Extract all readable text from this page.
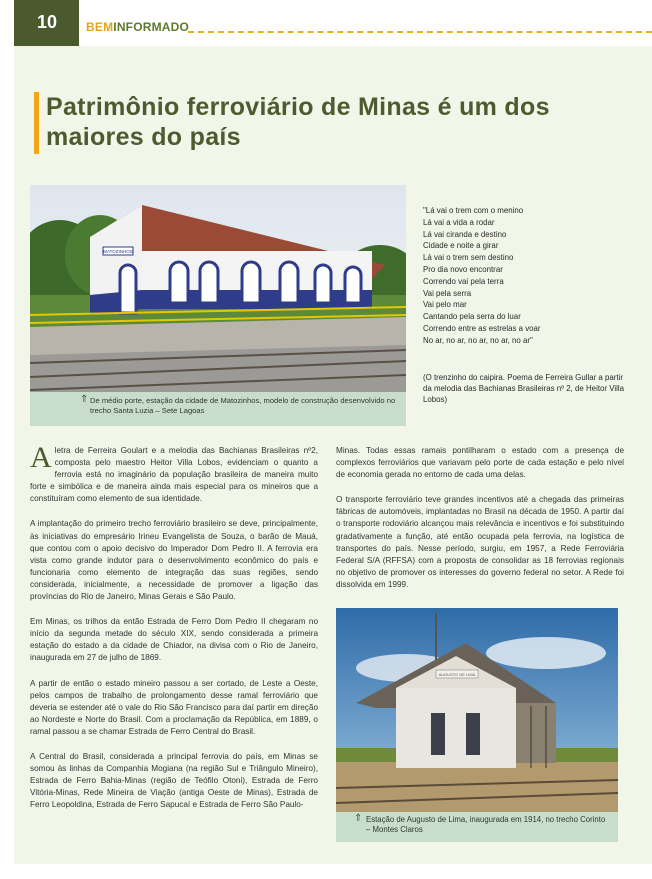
10 BEMINFORMADO
Patrimônio ferroviário de Minas é um dos maiores do país
MATOZINHOS
⇑ De médio porte, estação da cidade de Matozinhos, modelo de construção desenvolvido no trecho Santa Luzia – Sete Lagoas
"Lá vai o trem com o menino
Lá vai a vida a rodar
Lá vai ciranda e destino
Cidade e noite a girar
Lá vai o trem sem destino
Pro dia novo encontrar
Correndo vai pela terra
Vai pela serra
Vai pelo mar
Cantando pela serra do luar
Correndo entre as estrelas a voar
No ar, no ar, no ar, no ar, no ar"
(O trenzinho do caipira. Poema de Ferreira Gullar a partir da melodia das Bachianas Brasileiras nº 2, de Heitor Villa Lobos)

Aletra de Ferreira Goulart e a melodia das Bachianas Brasileiras nº2, composta pelo maestro Heitor Villa Lobos, evidenciam o quanto a ferrovia está no imaginário da população brasileira de maneira muito forte e simbólica e de maneira ainda mais especial para os mineiros que a constituíram como elemento de sua identidade.

A implantação do primeiro trecho ferroviário brasileiro se deve, principalmente, às iniciativas do empresário Irineu Evangelista de Souza, o barão de Mauá, que contou com o apoio decisivo do Imperador Dom Pedro II. A ferrovia era vista como grande indutor para o desenvolvimento econômico do país e funcionaria como elemento de integração das suas regiões, sendo considerada, inicialmente, a necessidade de promover a ligação das províncias do Rio de Janeiro, Minas Gerais e São Paulo.

Em Minas, os trilhos da então Estrada de Ferro Dom Pedro II chegaram no início da segunda metade do século XIX, sendo considerada a primeira estação do estado a da cidade de Chiador, na divisa com o Rio de Janeiro, inaugurada em 27 de julho de 1869.

A partir de então o estado mineiro passou a ser cortado, de Leste a Oeste, pelos campos de trabalho de prolongamento desse ramal ferroviário que deveria se estender até o vale do Rio São Francisco para daí partir em direção ao Nordeste e Norte do Brasil. Com a proclamação da República, em 1889, o ramal passou a se chamar Estrada de Ferro Central do Brasil.

A Central do Brasil, considerada a principal ferrovia do país, em Minas se somou às linhas da Companhia Mogiana (na região Sul e Triângulo Mineiro), Estrada de Ferro Bahia-Minas (região de Teófilo Otoni), Estrada de Ferro Vitória-Minas, Rede Mineira de Viação (antiga Oeste de Minas), Estrada de Ferro Leopoldina, Estrada de Ferro Sapucaí e Estrada de Ferro São Paulo-

Minas. Todas essas ramais pontilharam o estado com a presença de complexos ferroviários que variavam pelo porte de cada estação e pelo nível de economia gerada no entorno de cada uma delas.

O transporte ferroviário teve grandes incentivos até a chegada das primeiras fábricas de automóveis, implantadas no Brasil na década de 1950. A partir daí o transporte rodoviário alcançou mais relevância e incentivos e foi substituindo gradativamente a função, até então ocupada pela ferrovia, na logística de transportes do país. Nesse período, surgiu, em 1957, a Rede Ferroviária Federal S/A (RFFSA) com a proposta de consolidar as 18 ferrovias regionais no objetivo de promover os interesses do governo federal no setor. A Rede foi dissolvida em 1999.

AUGUSTO DE LIMA
⇑ Estação de Augusto de Lima, inaugurada em 1914, no trecho Corinto – Montes Claros
